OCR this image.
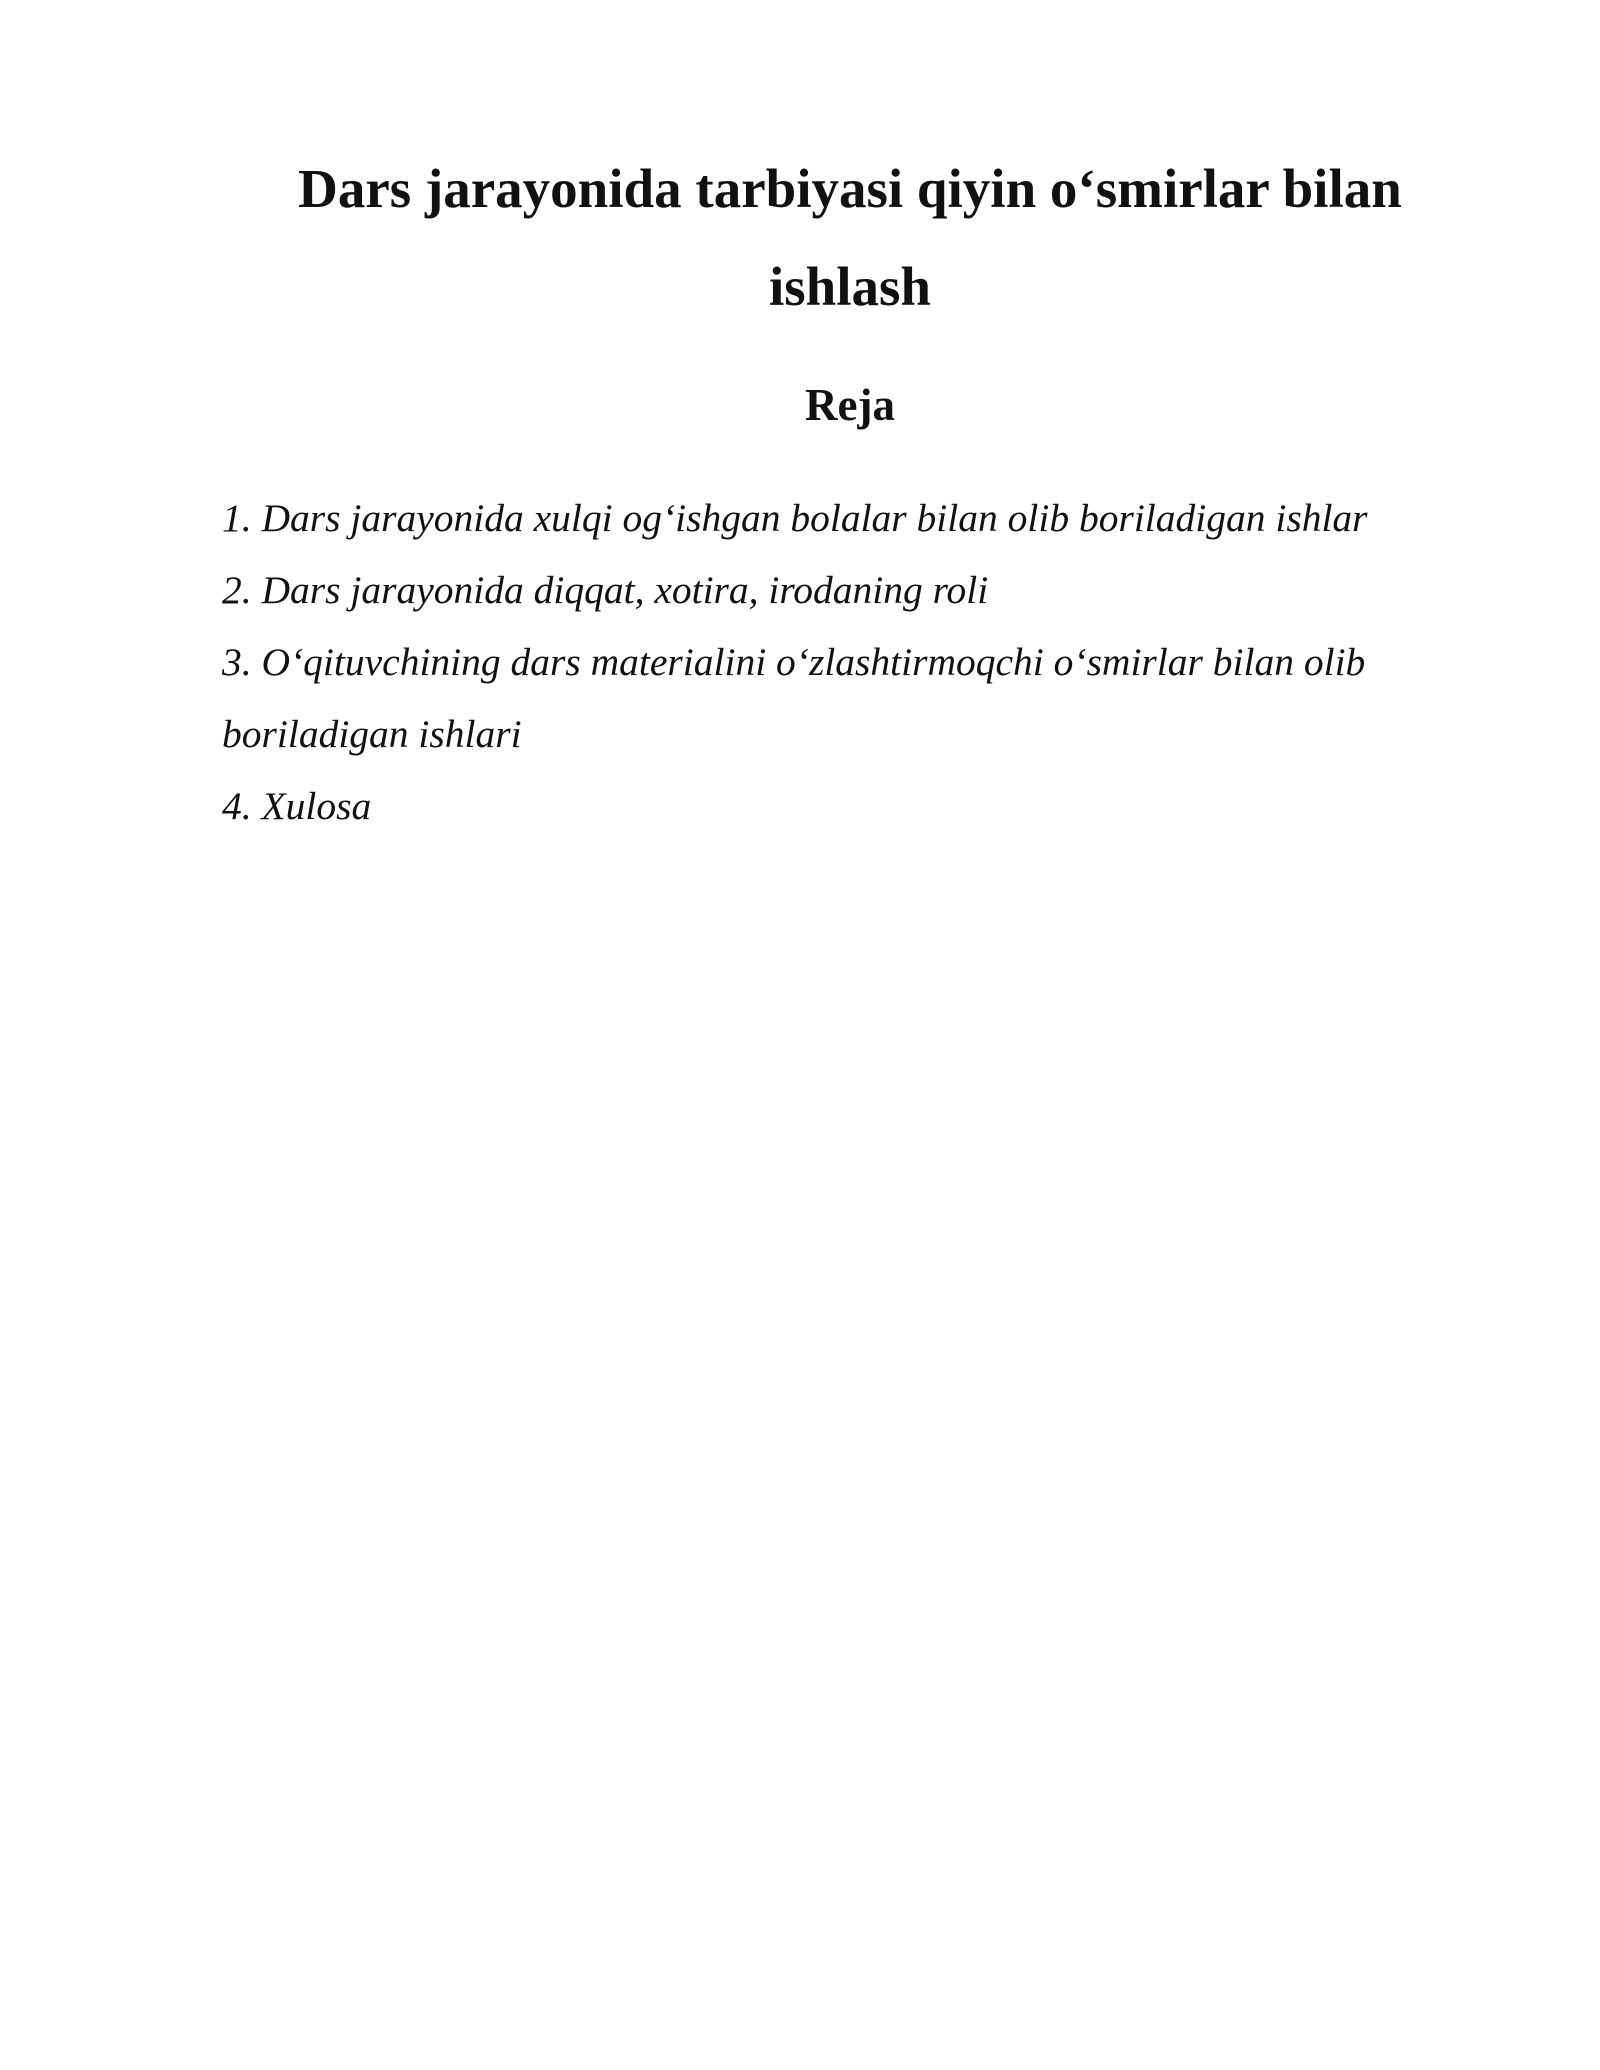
Dars jarayonida tarbiyasi qiyin o‘smirlar bilan
ishlash
Reja
1. Dars jarayonida xulqi og‘ishgan bolalar bilan olib boriladigan ishlar
2. Dars jarayonida diqqat, xotira, irodaning roli
3. O‘qituvchining dars materialini o‘zlashtirmoqchi o‘smirlar bilan olib
boriladigan ishlari
4. Xulosa
